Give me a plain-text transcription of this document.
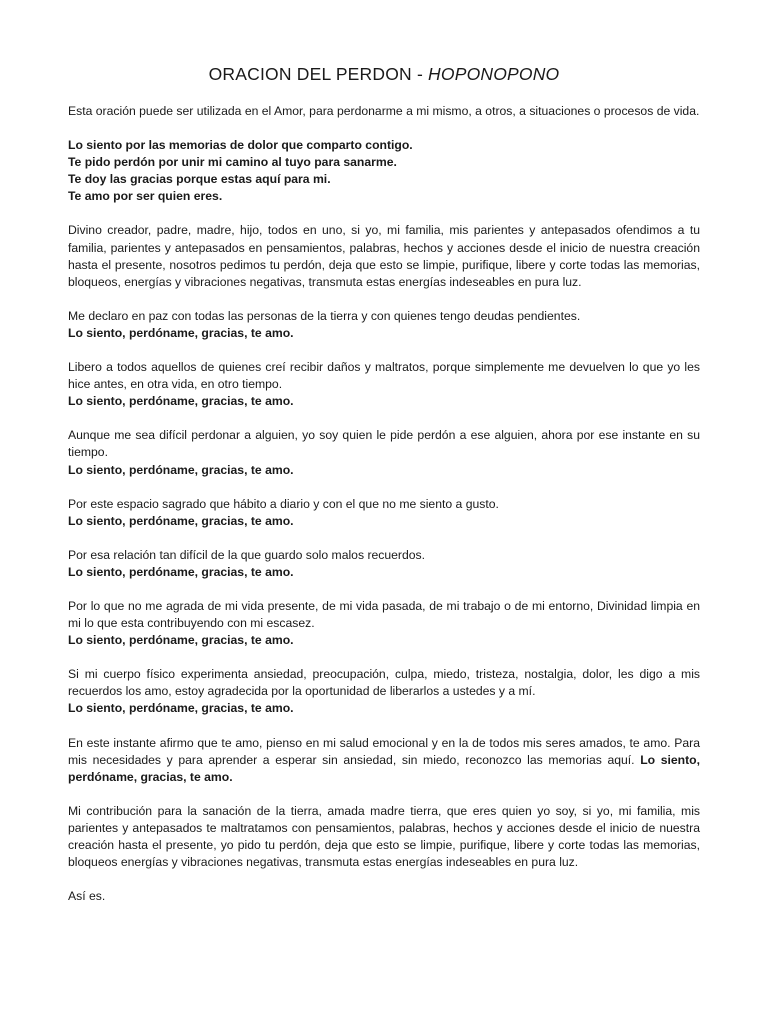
ORACION DEL PERDON - HOPONOPONO

Esta oración puede ser utilizada en el Amor, para perdonarme a mi mismo, a otros, a situaciones o procesos de vida.

Lo siento por las memorias de dolor que comparto contigo.
Te pido perdón por unir mi camino al tuyo para sanarme.
Te doy las gracias porque estas aquí para mi.
Te amo por ser quien eres.

Divino creador, padre, madre, hijo, todos en uno, si yo, mi familia, mis parientes y antepasados ofendimos a tu familia, parientes y antepasados en pensamientos, palabras, hechos y acciones desde el inicio de nuestra creación hasta el presente, nosotros pedimos tu perdón, deja que esto se limpie, purifique, libere y corte todas las memorias, bloqueos, energías y vibraciones negativas, transmuta estas energías indeseables en pura luz.

Me declaro en paz con todas las personas de la tierra y con quienes tengo deudas pendientes.
Lo siento, perdóname, gracias, te amo.

Libero a todos aquellos de quienes creí recibir daños y maltratos, porque simplemente me devuelven lo que yo les hice antes, en otra vida, en otro tiempo.
Lo siento, perdóname, gracias, te amo.

Aunque me sea difícil perdonar a alguien, yo soy quien le pide perdón a ese alguien, ahora por ese instante en su tiempo.
Lo siento, perdóname, gracias, te amo.

Por este espacio sagrado que hábito a diario y con el que no me siento a gusto.
Lo siento, perdóname, gracias, te amo.

Por esa relación tan difícil de la que guardo solo malos recuerdos.
Lo siento, perdóname, gracias, te amo.

Por lo que no me agrada de mi vida presente, de mi vida pasada, de mi trabajo o de mi entorno, Divinidad limpia en mi lo que esta contribuyendo con mi escasez.
Lo siento, perdóname, gracias, te amo.

Si mi cuerpo físico experimenta ansiedad, preocupación, culpa, miedo, tristeza, nostalgia, dolor, les digo a mis recuerdos los amo, estoy agradecida por la oportunidad de liberarlos a ustedes y a mí.
Lo siento, perdóname, gracias, te amo.

En este instante afirmo que te amo, pienso en mi salud emocional y en la de todos mis seres amados, te amo. Para mis necesidades y para aprender a esperar sin ansiedad, sin miedo, reconozco las memorias aquí. Lo siento, perdóname, gracias, te amo.

Mi contribución para la sanación de la tierra, amada madre tierra, que eres quien yo soy, si yo, mi familia, mis parientes y antepasados te maltratamos con pensamientos, palabras, hechos y acciones desde el inicio de nuestra creación hasta el presente, yo pido tu perdón, deja que esto se limpie, purifique, libere y corte todas las memorias, bloqueos energías y vibraciones negativas, transmuta estas energías indeseables en pura luz.

Así es.
